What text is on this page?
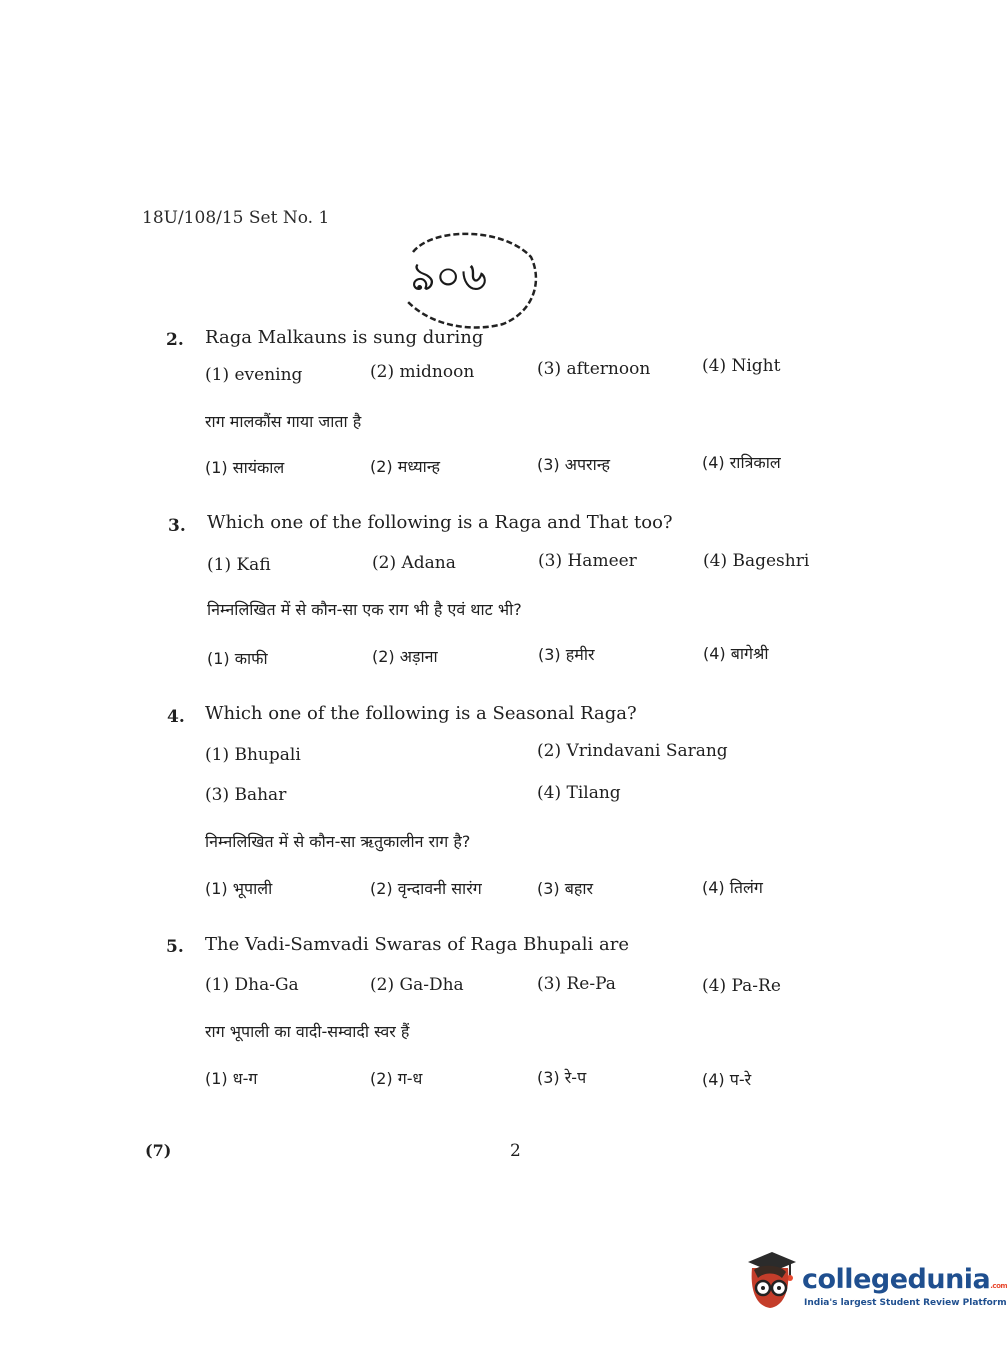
18U/108/15 Set No. 1
ঌ০৬
2. Raga Malkauns is sung during
(1) evening	(2) midnoon	(3) afternoon	(4) Night
राग मालकौंस गाया जाता है
(1) सायंकाल	(2) मध्यान्ह	(3) अपरान्ह	(4) रात्रिकाल
3. Which one of the following is a Raga and That too?
(1) Kafi	(2) Adana	(3) Hameer	(4) Bageshri
निम्नलिखित में से कौन-सा एक राग भी है एवं थाट भी?
(1) काफी	(2) अड़ाना	(3) हमीर	(4) बागेश्री
4. Which one of the following is a Seasonal Raga?
(1) Bhupali	(2) Vrindavani Sarang
(3) Bahar	(4) Tilang
निम्नलिखित में से कौन-सा ऋतुकालीन राग है?
(1) भूपाली	(2) वृन्दावनी सारंग	(3) बहार	(4) तिलंग
5. The Vadi-Samvadi Swaras of Raga Bhupali are
(1) Dha-Ga	(2) Ga-Dha	(3) Re-Pa	(4) Pa-Re
राग भूपाली का वादी-सम्वादी स्वर हैं
(1) ध-ग	(2) ग-ध	(3) रे-प	(4) प-रे
(7)	2
collegedunia.com
India's largest Student Review Platform
